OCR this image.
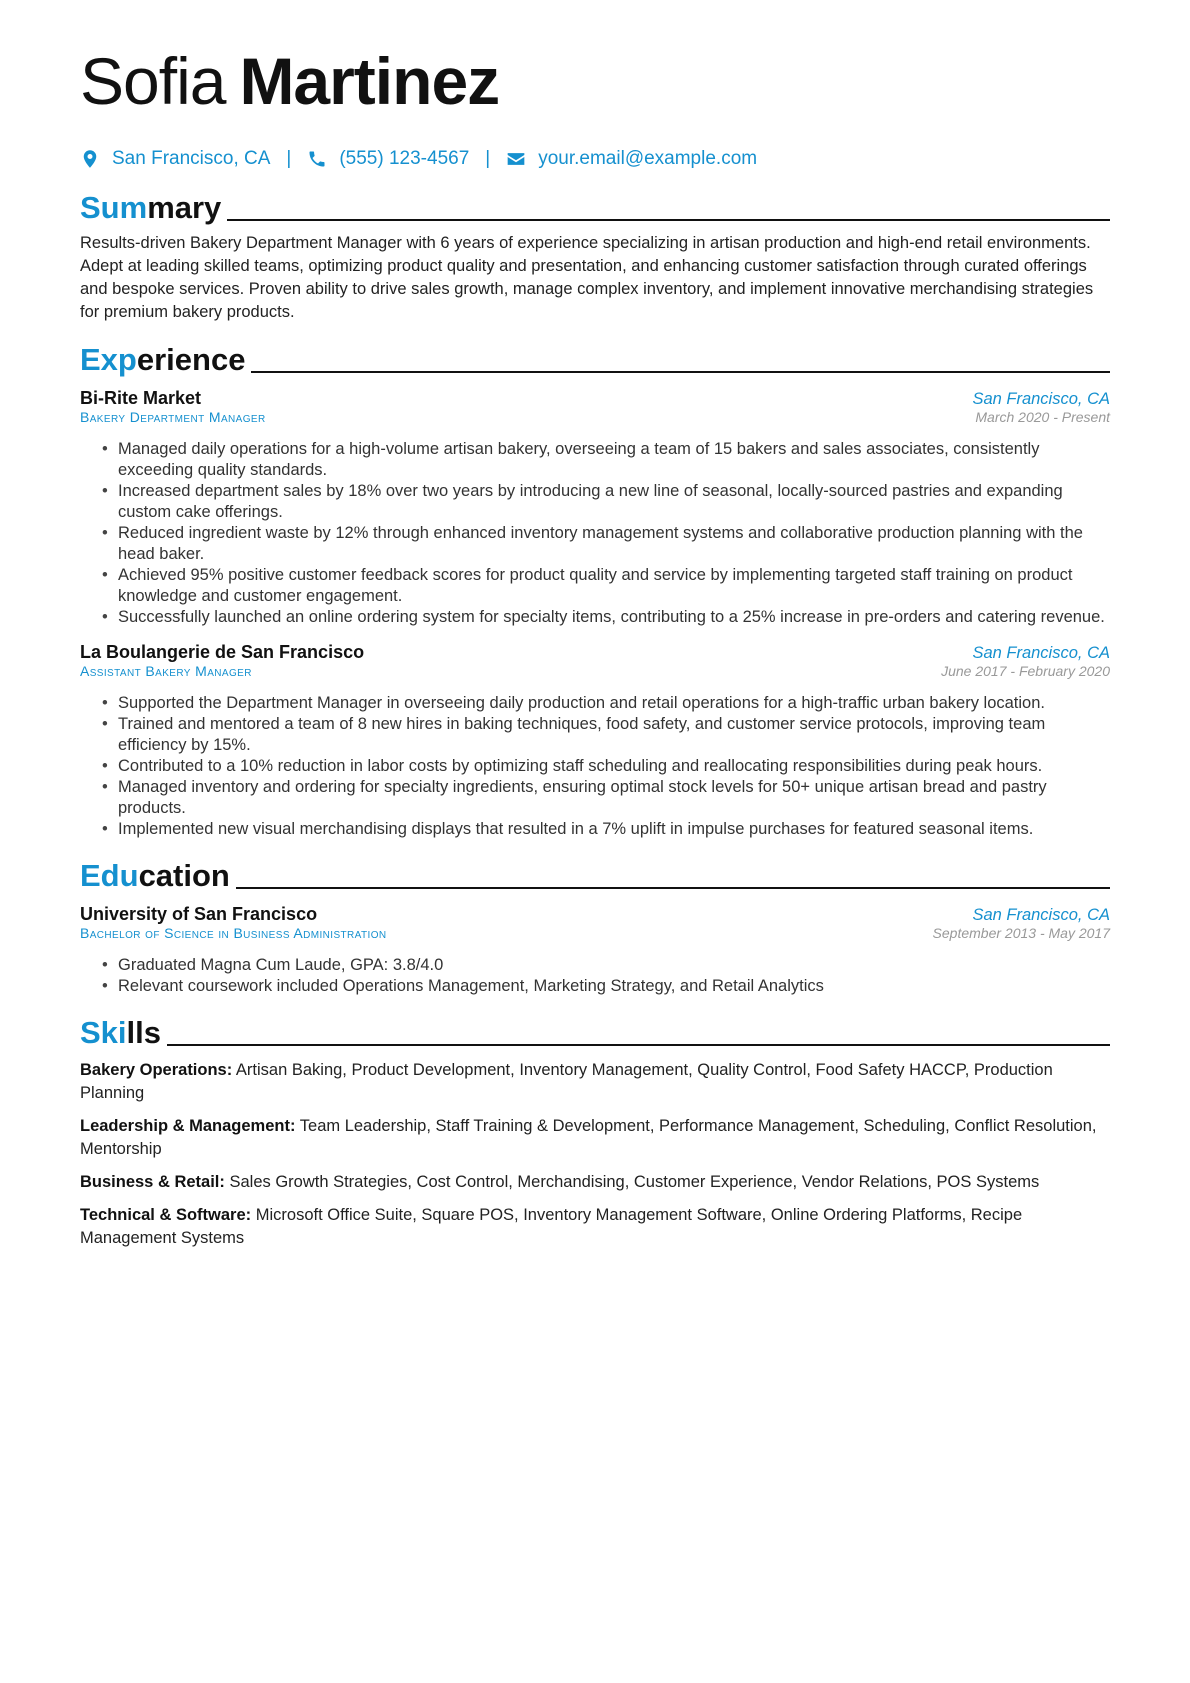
Sofia Martinez
San Francisco, CA |	(555) 123-4567 |	your.email@example.com
Summary
Results-driven Bakery Department Manager with 6 years of experience specializing in artisan production and high-end retail environments. Adept at leading skilled teams, optimizing product quality and presentation, and enhancing customer satisfaction through curated offerings and bespoke services. Proven ability to drive sales growth, manage complex inventory, and implement innovative merchandising strategies for premium bakery products.
Experience
Bi-Rite Market	San Francisco, CA
Bakery Department Manager	March 2020 - Present
• Managed daily operations for a high-volume artisan bakery, overseeing a team of 15 bakers and sales associates, consistently exceeding quality standards.
• Increased department sales by 18% over two years by introducing a new line of seasonal, locally-sourced pastries and expanding custom cake offerings.
• Reduced ingredient waste by 12% through enhanced inventory management systems and collaborative production planning with the head baker.
• Achieved 95% positive customer feedback scores for product quality and service by implementing targeted staff training on product knowledge and customer engagement.
• Successfully launched an online ordering system for specialty items, contributing to a 25% increase in pre-orders and catering revenue.
La Boulangerie de San Francisco	San Francisco, CA
Assistant Bakery Manager	June 2017 - February 2020
• Supported the Department Manager in overseeing daily production and retail operations for a high-traffic urban bakery location.
• Trained and mentored a team of 8 new hires in baking techniques, food safety, and customer service protocols, improving team efficiency by 15%.
• Contributed to a 10% reduction in labor costs by optimizing staff scheduling and reallocating responsibilities during peak hours.
• Managed inventory and ordering for specialty ingredients, ensuring optimal stock levels for 50+ unique artisan bread and pastry products.
• Implemented new visual merchandising displays that resulted in a 7% uplift in impulse purchases for featured seasonal items.
Education
University of San Francisco	San Francisco, CA
Bachelor of Science in Business Administration	September 2013 - May 2017
• Graduated Magna Cum Laude, GPA: 3.8/4.0
• Relevant coursework included Operations Management, Marketing Strategy, and Retail Analytics
Skills
Bakery Operations: Artisan Baking, Product Development, Inventory Management, Quality Control, Food Safety HACCP, Production Planning
Leadership & Management: Team Leadership, Staff Training & Development, Performance Management, Scheduling, Conflict Resolution, Mentorship
Business & Retail: Sales Growth Strategies, Cost Control, Merchandising, Customer Experience, Vendor Relations, POS Systems
Technical & Software: Microsoft Office Suite, Square POS, Inventory Management Software, Online Ordering Platforms, Recipe Management Systems
